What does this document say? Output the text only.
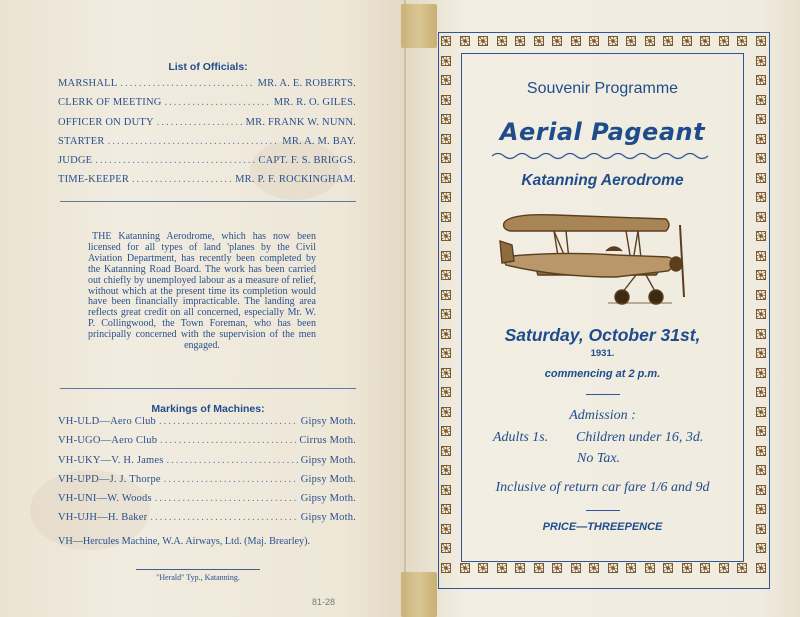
List of Officials:
MARSHALL .....	MR. A. E. ROBERTS.
CLERK OF MEETING .....	MR. R. O. GILES.
OFFICER ON DUTY .....	MR. FRANK W. NUNN.
STARTER .....	MR. A. M. BAY.
JUDGE .....	CAPT. F. S. BRIGGS.
TIME-KEEPER .....	MR. P. F. ROCKINGHAM.
THE Katanning Aerodrome, which has now been licensed for all types of land 'planes by the Civil Aviation Department, has recently been completed by the Katanning Road Board. The work has been carried out chiefly by unemployed labour as a measure of relief, without which at the present time its completion would have been financially impracticable. The landing area reflects great credit on all concerned, especially Mr. W. P. Collingwood, the Town Foreman, who has been principally concerned with the supervision of the men engaged.
Markings of Machines:
VH-ULD—Aero Club .....	Gipsy Moth.
VH-UGO—Aero Club .....	Cirrus Moth.
VH-UKY—V. H. James .....	Gipsy Moth.
VH-UPD—J. J. Thorpe .....	Gipsy Moth.
VH-UNI—W. Woods .....	Gipsy Moth.
VH-UJH—H. Baker .....	Gipsy Moth.
VH—Hercules Machine, W.A. Airways, Ltd. (Maj. Brearley).
"Herald" Typ., Katanning.
81-28
Souvenir Programme
Aerial Pageant
Katanning Aerodrome
Saturday, October 31st,
1931.
commencing at 2 p.m.
Admission :
Adults 1s. Children under 16, 3d.
No Tax.
Inclusive of return car fare 1/6 and 9d
PRICE—THREEPENCE
